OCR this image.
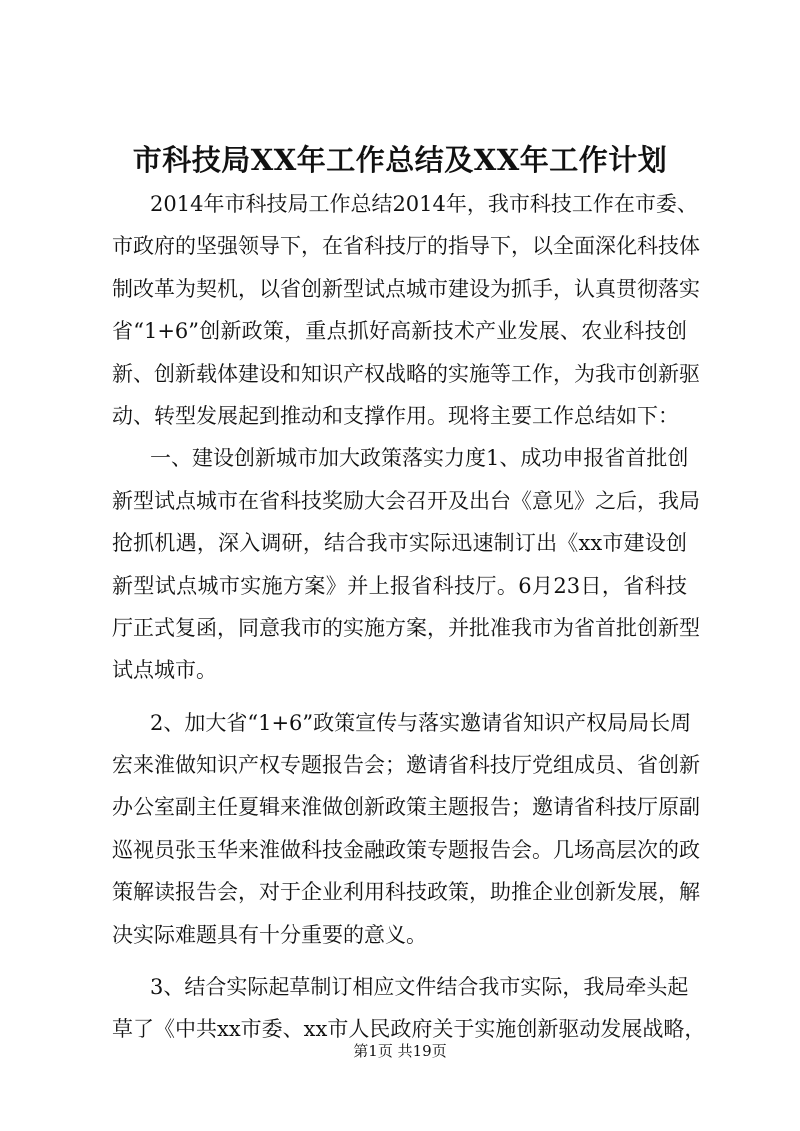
市科技局XX年工作总结及XX年工作计划
2014年市科技局工作总结2014年，我市科技工作在市委、
市政府的坚强领导下，在省科技厅的指导下，以全面深化科技体
制改革为契机，以省创新型试点城市建设为抓手，认真贯彻落实
省“1+6”创新政策，重点抓好高新技术产业发展、农业科技创
新、创新载体建设和知识产权战略的实施等工作，为我市创新驱
动、转型发展起到推动和支撑作用。现将主要工作总结如下：
一、建设创新城市加大政策落实力度1、成功申报省首批创
新型试点城市在省科技奖励大会召开及出台《意见》之后，我局
抢抓机遇，深入调研，结合我市实际迅速制订出《xx市建设创
新型试点城市实施方案》并上报省科技厅。6月23日，省科技
厅正式复函，同意我市的实施方案，并批准我市为省首批创新型
试点城市。
2、加大省“1+6”政策宣传与落实邀请省知识产权局局长周
宏来淮做知识产权专题报告会；邀请省科技厅党组成员、省创新
办公室副主任夏辑来淮做创新政策主题报告；邀请省科技厅原副
巡视员张玉华来淮做科技金融政策专题报告会。几场高层次的政
策解读报告会，对于企业利用科技政策，助推企业创新发展，解
决实际难题具有十分重要的意义。
3、结合实际起草制订相应文件结合我市实际，我局牵头起
草了《中共xx市委、xx市人民政府关于实施创新驱动发展战略，
第1页 共19页
